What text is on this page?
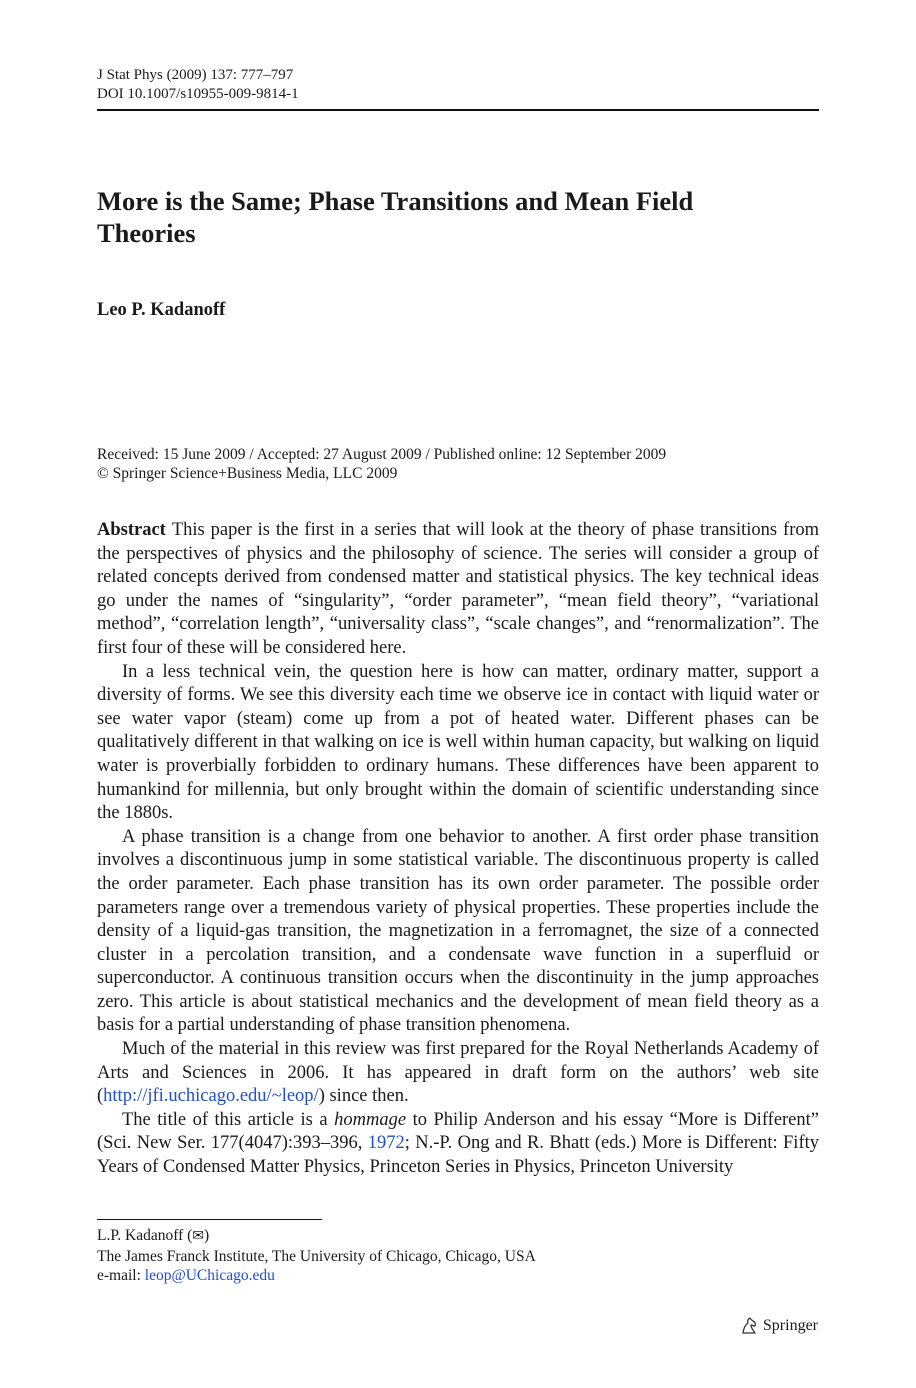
J Stat Phys (2009) 137: 777–797
DOI 10.1007/s10955-009-9814-1
More is the Same; Phase Transitions and Mean Field Theories
Leo P. Kadanoff
Received: 15 June 2009 / Accepted: 27 August 2009 / Published online: 12 September 2009
© Springer Science+Business Media, LLC 2009

Abstract This paper is the first in a series that will look at the theory of phase transitions from the perspectives of physics and the philosophy of science. The series will consider a group of related concepts derived from condensed matter and statistical physics. The key technical ideas go under the names of “singularity”, “order parameter”, “mean field theory”, “variational method”, “correlation length”, “universality class”, “scale changes”, and “renormalization”. The first four of these will be considered here.

In a less technical vein, the question here is how can matter, ordinary matter, support a diversity of forms. We see this diversity each time we observe ice in contact with liquid water or see water vapor (steam) come up from a pot of heated water. Different phases can be qualitatively different in that walking on ice is well within human capacity, but walking on liquid water is proverbially forbidden to ordinary humans. These differences have been apparent to humankind for millennia, but only brought within the domain of scientific understanding since the 1880s.

A phase transition is a change from one behavior to another. A first order phase transition involves a discontinuous jump in some statistical variable. The discontinuous property is called the order parameter. Each phase transition has its own order parameter. The possible order parameters range over a tremendous variety of physical properties. These properties include the density of a liquid-gas transition, the magnetization in a ferromagnet, the size of a connected cluster in a percolation transition, and a condensate wave function in a superfluid or superconductor. A continuous transition occurs when the discontinuity in the jump approaches zero. This article is about statistical mechanics and the development of mean field theory as a basis for a partial understanding of phase transition phenomena.

Much of the material in this review was first prepared for the Royal Netherlands Academy of Arts and Sciences in 2006. It has appeared in draft form on the authors’ web site (http://jfi.uchicago.edu/~leop/) since then.

The title of this article is a hommage to Philip Anderson and his essay “More is Different” (Sci. New Ser. 177(4047):393–396, 1972; N.-P. Ong and R. Bhatt (eds.) More is Different: Fifty Years of Condensed Matter Physics, Princeton Series in Physics, Princeton University

L.P. Kadanoff (✉)
The James Franck Institute, The University of Chicago, Chicago, USA
e-mail: leop@UChicago.edu
Springer
